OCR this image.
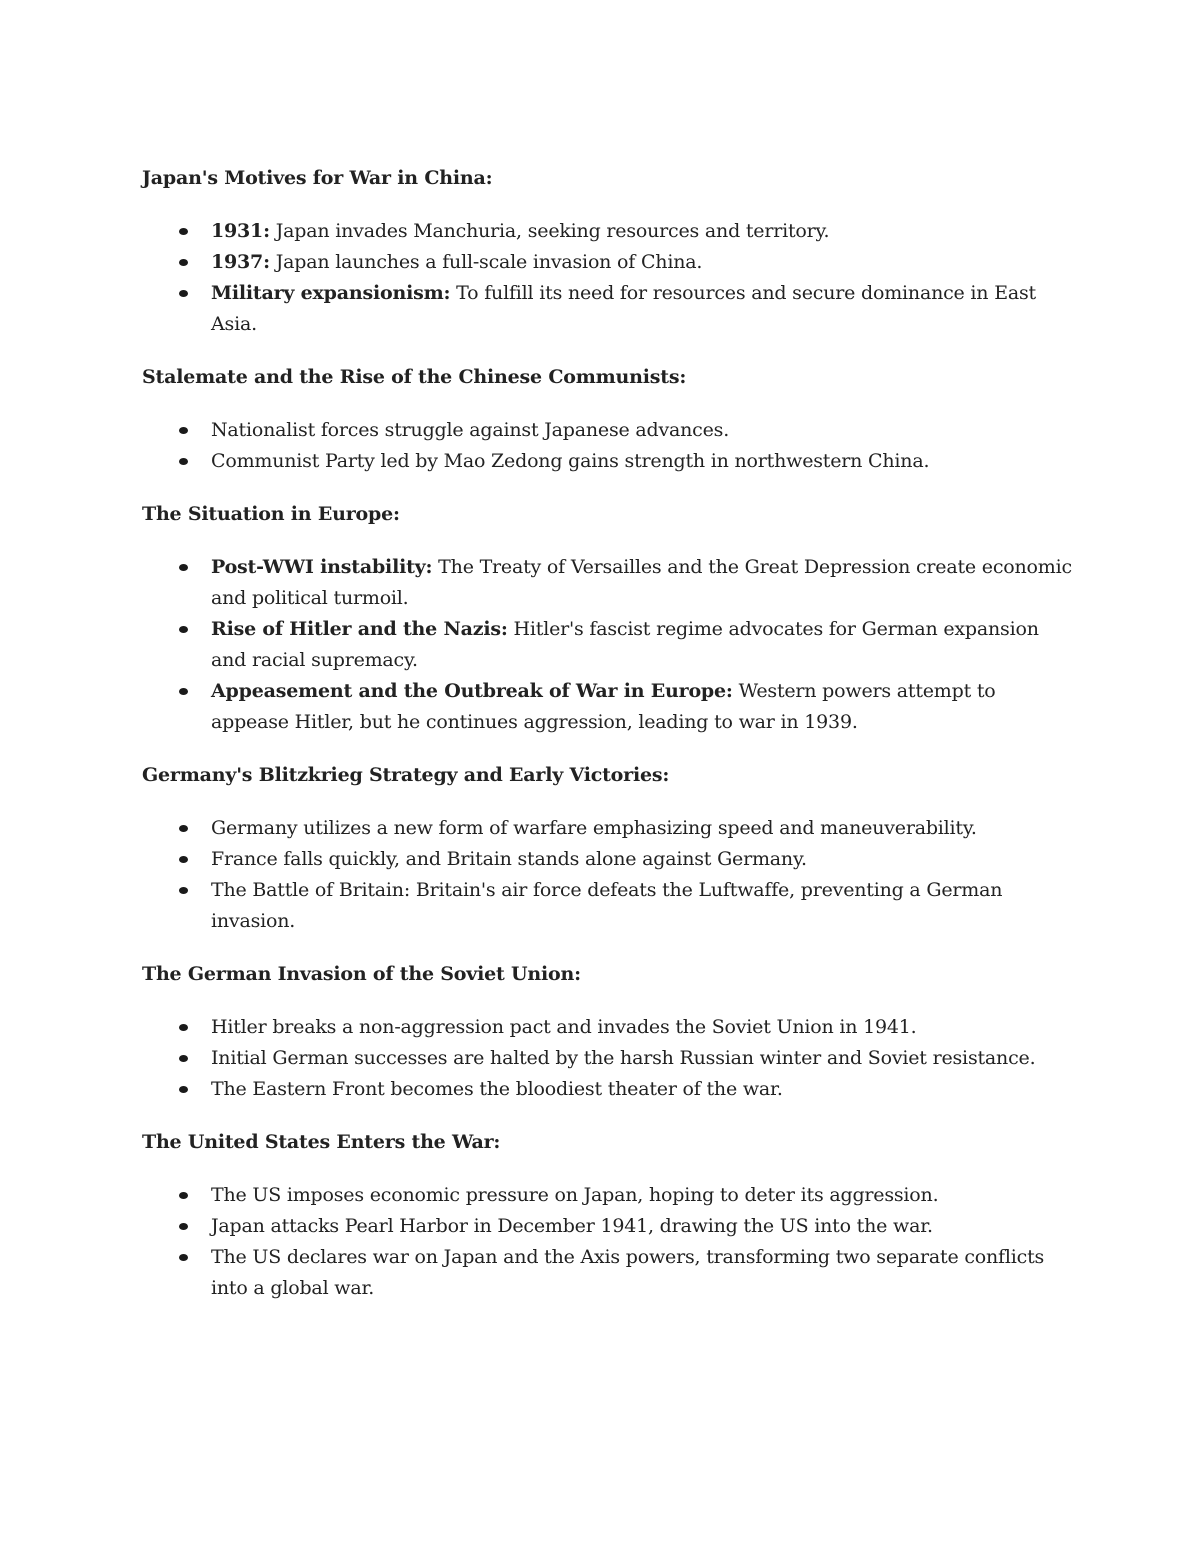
Japan's Motives for War in China:
1931: Japan invades Manchuria, seeking resources and territory.
1937: Japan launches a full-scale invasion of China.
Military expansionism: To fulfill its need for resources and secure dominance in East Asia.
Stalemate and the Rise of the Chinese Communists:
Nationalist forces struggle against Japanese advances.
Communist Party led by Mao Zedong gains strength in northwestern China.
The Situation in Europe:
Post-WWI instability: The Treaty of Versailles and the Great Depression create economic and political turmoil.
Rise of Hitler and the Nazis: Hitler's fascist regime advocates for German expansion and racial supremacy.
Appeasement and the Outbreak of War in Europe: Western powers attempt to appease Hitler, but he continues aggression, leading to war in 1939.
Germany's Blitzkrieg Strategy and Early Victories:
Germany utilizes a new form of warfare emphasizing speed and maneuverability.
France falls quickly, and Britain stands alone against Germany.
The Battle of Britain: Britain's air force defeats the Luftwaffe, preventing a German invasion.
The German Invasion of the Soviet Union:
Hitler breaks a non-aggression pact and invades the Soviet Union in 1941.
Initial German successes are halted by the harsh Russian winter and Soviet resistance.
The Eastern Front becomes the bloodiest theater of the war.
The United States Enters the War:
The US imposes economic pressure on Japan, hoping to deter its aggression.
Japan attacks Pearl Harbor in December 1941, drawing the US into the war.
The US declares war on Japan and the Axis powers, transforming two separate conflicts into a global war.
